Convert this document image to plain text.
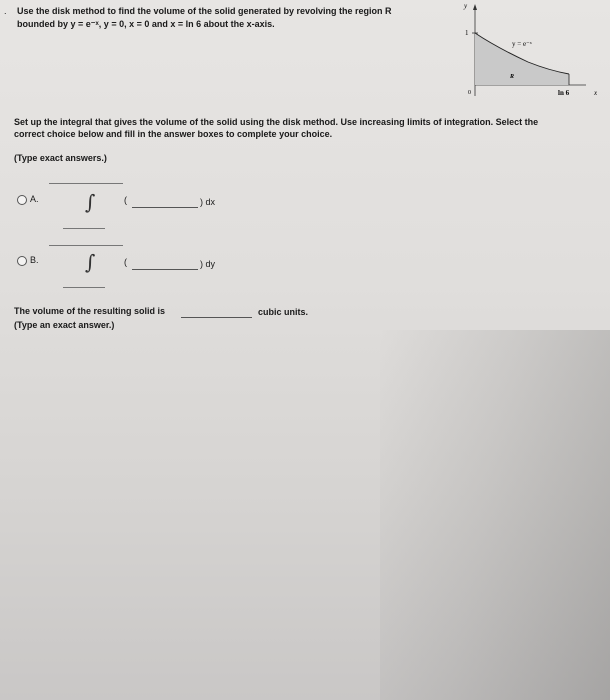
. Use the disk method to find the volume of the solid generated by revolving the region R
bounded by y = e⁻ˣ, y = 0, x = 0 and x = ln 6 about the x-axis.
y
1
0	ln 6	x
R
y = e⁻ˣ
Set up the integral that gives the volume of the solid using the disk method. Use increasing limits of integration. Select the
correct choice below and fill in the answer boxes to complete your choice.
(Type exact answers.)
A. ∫	(	) dx
B. ∫	(	) dy
The volume of the resulting solid is	cubic units.
(Type an exact answer.)
